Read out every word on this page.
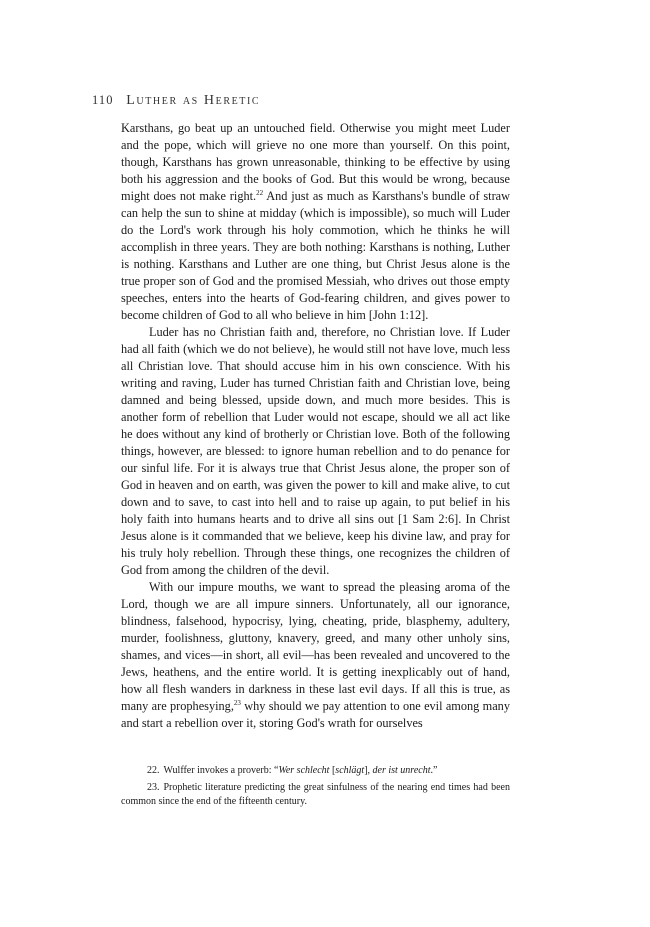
110 Luther as Heretic

Karsthans, go beat up an untouched field. Otherwise you might meet Luder and the pope, which will grieve no one more than yourself. On this point, though, Karsthans has grown unreasonable, thinking to be effective by using both his aggression and the books of God. But this would be wrong, because might does not make right.$^{22}$ And just as much as Karsthans's bundle of straw can help the sun to shine at midday (which is impossible), so much will Luder do the Lord's work through his holy commotion, which he thinks he will accomplish in three years. They are both nothing: Karsthans is nothing, Luther is nothing. Karsthans and Luther are one thing, but Christ Jesus alone is the true proper son of God and the promised Messiah, who drives out those empty speeches, enters into the hearts of God-fearing children, and gives power to become children of God to all who believe in him [John 1:12].

Luder has no Christian faith and, therefore, no Christian love. If Luder had all faith (which we do not believe), he would still not have love, much less all Christian love. That should accuse him in his own conscience. With his writing and raving, Luder has turned Christian faith and Christian love, being damned and being blessed, upside down, and much more besides. This is another form of rebellion that Luder would not escape, should we all act like he does without any kind of brotherly or Christian love. Both of the following things, however, are blessed: to ignore human rebellion and to do penance for our sinful life. For it is always true that Christ Jesus alone, the proper son of God in heaven and on earth, was given the power to kill and make alive, to cut down and to save, to cast into hell and to raise up again, to put belief in his holy faith into humans hearts and to drive all sins out [1 Sam 2:6]. In Christ Jesus alone is it commanded that we believe, keep his divine law, and pray for his truly holy rebellion. Through these things, one recognizes the children of God from among the children of the devil.

With our impure mouths, we want to spread the pleasing aroma of the Lord, though we are all impure sinners. Unfortunately, all our ignorance, blindness, falsehood, hypocrisy, lying, cheating, pride, blasphemy, adultery, murder, foolishness, gluttony, knavery, greed, and many other unholy sins, shames, and vices—in short, all evil—has been revealed and uncovered to the Jews, heathens, and the entire world. It is getting inexplicably out of hand, how all flesh wanders in darkness in these last evil days. If all this is true, as many are prophesying,$^{23}$ why should we pay attention to one evil among many and start a rebellion over it, storing God's wrath for ourselves

22. Wulffer invokes a proverb: “Wer schlecht [schlägt], der ist unrecht.”

23. Prophetic literature predicting the great sinfulness of the nearing end times had been common since the end of the fifteenth century.
